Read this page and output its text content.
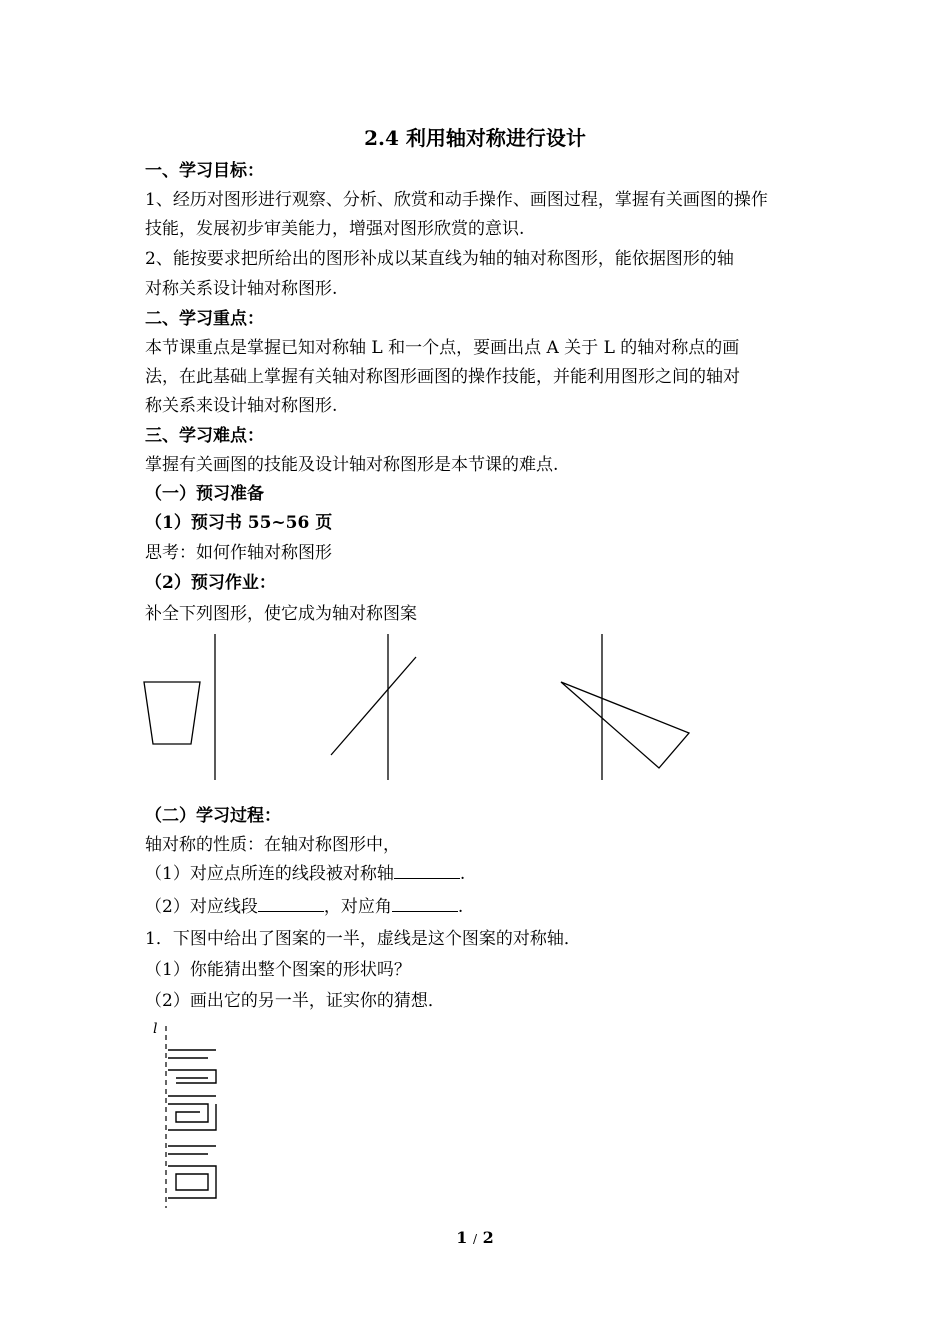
2.4 利用轴对称进行设计
一、学习目标：
1、经历对图形进行观察、分析、欣赏和动手操作、画图过程，掌握有关画图的操作
技能，发展初步审美能力，增强对图形欣赏的意识.
2、能按要求把所给出的图形补成以某直线为轴的轴对称图形，能依据图形的轴
对称关系设计轴对称图形.
二、学习重点：
本节课重点是掌握已知对称轴 L 和一个点，要画出点 A 关于 L 的轴对称点的画
法，在此基础上掌握有关轴对称图形画图的操作技能，并能利用图形之间的轴对
称关系来设计轴对称图形.
三、学习难点：
掌握有关画图的技能及设计轴对称图形是本节课的难点.
（一）预习准备
（1）预习书 55~56 页
思考：如何作轴对称图形
（2）预习作业：
补全下列图形，使它成为轴对称图案
（二）学习过程：
轴对称的性质：在轴对称图形中，
（1）对应点所连的线段被对称轴	.
（2）对应线段	，对应角	.
1．下图中给出了图案的一半，虚线是这个图案的对称轴．
（1）你能猜出整个图案的形状吗？
（2）画出它的另一半，证实你的猜想．
l
1 / 2
